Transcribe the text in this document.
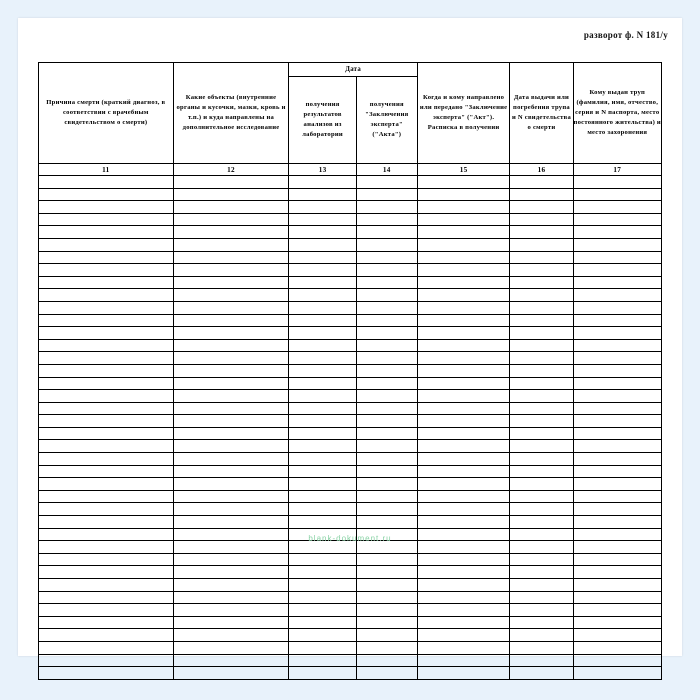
разворот ф. N 181/у
Причина смерти (краткий диагноз, в соответствии с врачебным свидетельством о смерти)	Какие объекты (внутренние органы и кусочки, мазки, кровь и т.п.) и куда направлены на дополнительное исследование	Дата		Когда и кому направлено или передано "Заключение эксперта" ("Акт"). Расписка в получении	Дата выдачи или погребения трупа и N свидетельства о смерти	Кому выдан труп (фамилия, имя, отчество, серия и N паспорта, место постоянного жительства) и место захоронения
		получения результатов анализов из лаборатории	получения "Заключения эксперта" ("Акта")			
11	12	13	14	15	16	17

blank-dokument.ru
